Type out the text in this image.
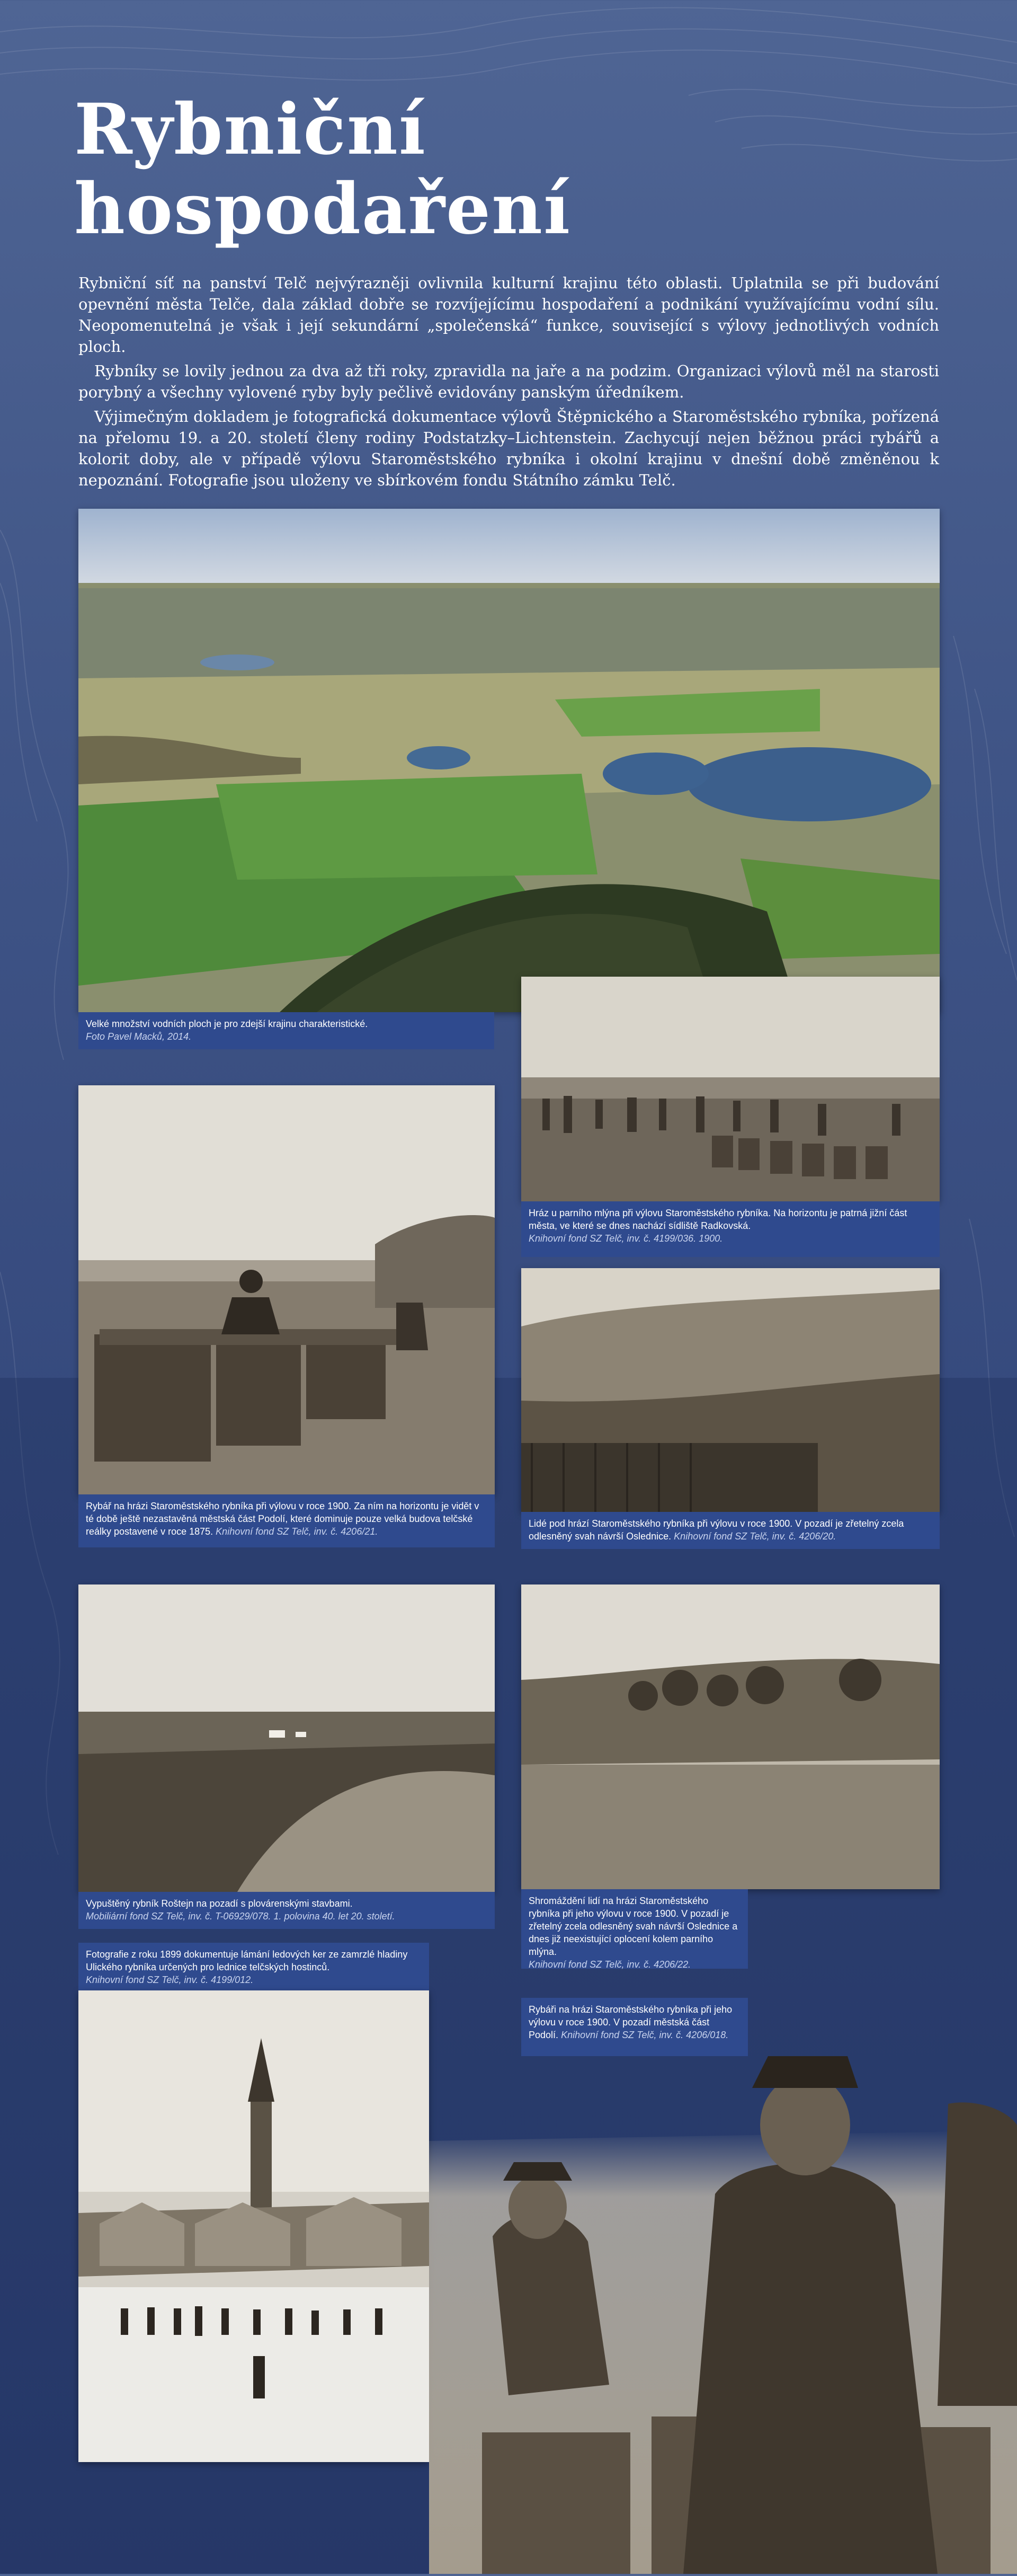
Rybniční
hospodaření

Rybniční síť na panství Telč nejvýrazněji ovlivnila kulturní krajinu této oblasti. Uplatnila se při budování opevnění města Telče, dala základ dobře se rozvíjejícímu hospodaření a podnikání využívajícímu vodní sílu. Neopomenutelná je však i její sekundární „společenská“ funkce, související s výlovy jednotlivých vodních ploch.

Rybníky se lovily jednou za dva až tři roky, zpravidla na jaře a na podzim. Organizaci výlovů měl na starosti porybný a všechny vylovené ryby byly pečlivě evidovány panským úředníkem.

Výjimečným dokladem je fotografická dokumentace výlovů Štěpnického a Staroměstského rybníka, pořízená na přelomu 19. a 20. století členy rodiny Podstatzky–Lichtenstein. Zachycují nejen běžnou práci rybářů a kolorit doby, ale v případě výlovu Staroměstského rybníka i okolní krajinu v dnešní době změněnou k nepoznání. Fotografie jsou uloženy ve sbírkovém fondu Státního zámku Telč.

Velké množství vodních ploch je pro zdejší krajinu charakteristické.
Foto Pavel Macků, 2014.
Hráz u parního mlýna při výlovu Staroměstského rybníka. Na horizontu je patrná jižní část města, ve které se dnes nachází sídliště Radkovská.
Knihovní fond SZ Telč, inv. č. 4199/036. 1900.
Rybář na hrázi Staroměstského rybníka při výlovu v roce 1900. Za ním na horizontu je vidět v té době ještě nezastavěná městská část Podolí, které dominuje pouze velká budova telčské reálky postavené v roce 1875. Knihovní fond SZ Telč, inv. č. 4206/21.
Lidé pod hrází Staroměstského rybníka při výlovu v roce 1900. V pozadí je zřetelný zcela odlesněný svah návrší Oslednice. Knihovní fond SZ Telč, inv. č. 4206/20.
Vypuštěný rybník Roštejn na pozadí s plovárenskými stavbami.
Mobiliární fond SZ Telč, inv. č. T-06929/078. 1. polovina 40. let 20. století.
Shromáždění lidí na hrázi Staroměstského rybníka při jeho výlovu v roce 1900. V pozadí je zřetelný zcela odlesněný svah návrší Oslednice a dnes již neexistující oplocení kolem parního mlýna.
Knihovní fond SZ Telč, inv. č. 4206/22.
Fotografie z roku 1899 dokumentuje lámání ledových ker ze zamrzlé hladiny Ulického rybníka určených pro lednice telčských hostinců.
Knihovní fond SZ Telč, inv. č. 4199/012.
Rybáři na hrázi Staroměstského rybníka při jeho výlovu v roce 1900. V pozadí městská část Podolí. Knihovní fond SZ Telč, inv. č. 4206/018.
